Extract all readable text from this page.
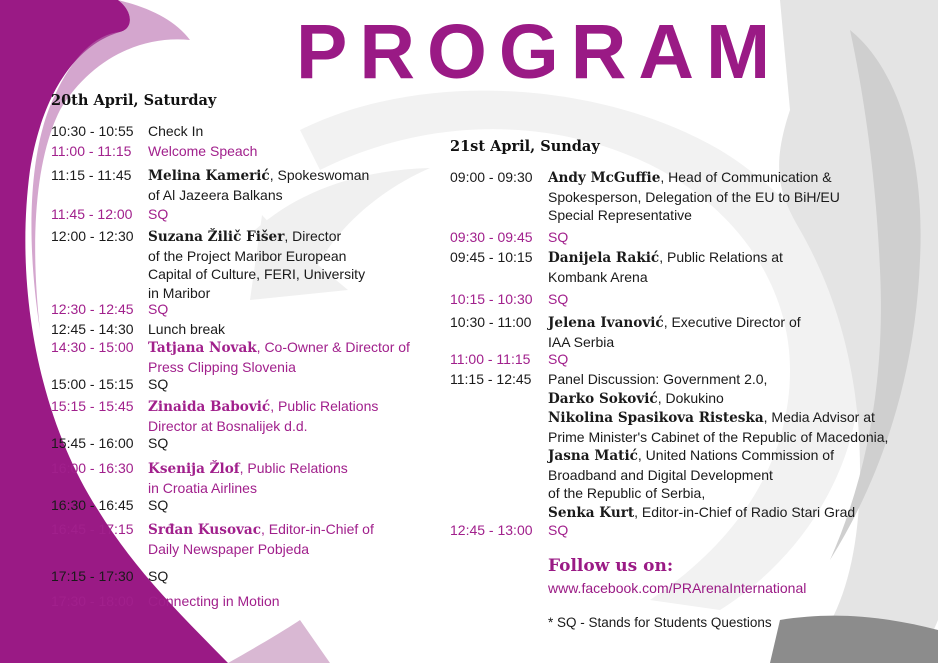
PROGRAM
20th April, Saturday
10:30 - 10:55 Check In
11:00 - 11:15 Welcome Speach
11:15 - 11:45 Melina Kamerić, Spokeswoman
of Al Jazeera Balkans
11:45 - 12:00 SQ
12:00 - 12:30 Suzana Žilič Fišer, Director
of the Project Maribor European
Capital of Culture, FERI, University
in Maribor
12:30 - 12:45 SQ
12:45 - 14:30 Lunch break
14:30 - 15:00 Tatjana Novak, Co-Owner & Director of
Press Clipping Slovenia
15:00 - 15:15 SQ
15:15 - 15:45 Zinaida Babović, Public Relations
Director at Bosnalijek d.d.
15:45 - 16:00 SQ
16:00 - 16:30 Ksenija Žlof, Public Relations
in Croatia Airlines
16:30 - 16:45 SQ
16:45 - 17:15 Srđan Kusovac, Editor-in-Chief of
Daily Newspaper Pobjeda
17:15 - 17:30 SQ
17:30 - 18:00 Connecting in Motion
21st April, Sunday
09:00 - 09:30 Andy McGuffie, Head of Communication &
Spokesperson, Delegation of the EU to BiH/EU
Special Representative
09:30 - 09:45 SQ
09:45 - 10:15 Danijela Rakić, Public Relations at
Kombank Arena
10:15 - 10:30 SQ
10:30 - 11:00 Jelena Ivanović, Executive Director of
IAA Serbia
11:00 - 11:15 SQ
11:15 - 12:45 Panel Discussion: Government 2.0,
Darko Soković, Dokukino
Nikolina Spasikova Risteska, Media Advisor at
Prime Minister's Cabinet of the Republic of Macedonia,
Jasna Matić, United Nations Commission of
Broadband and Digital Development
of the Republic of Serbia,
Senka Kurt, Editor-in-Chief of Radio Stari Grad
12:45 - 13:00 SQ
Follow us on:
www.facebook.com/PRArenaInternational
* SQ - Stands for Students Questions
